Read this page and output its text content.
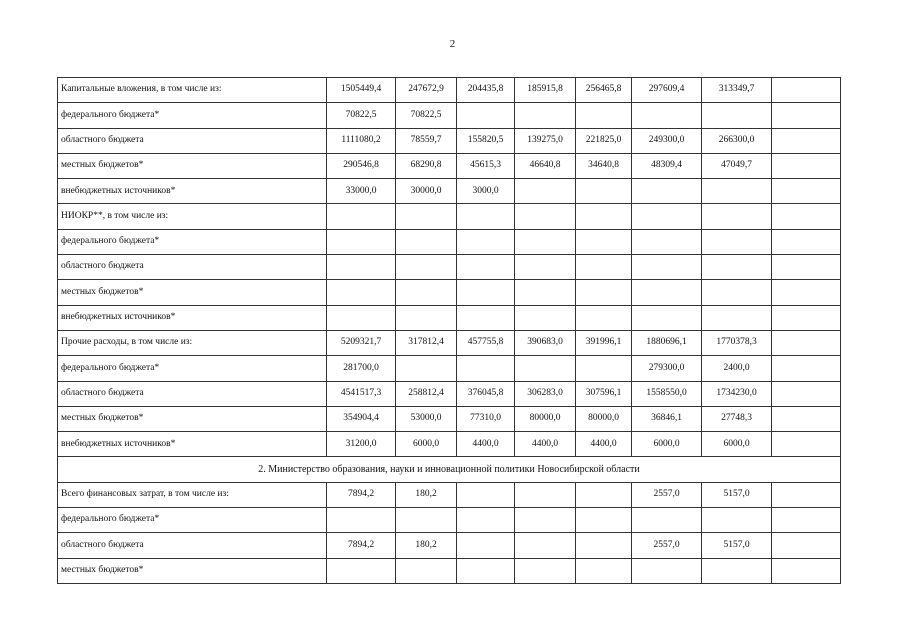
2
Капитальные вложения, в том числе из:	1505449,4	247672,9	204435,8	185915,8	256465,8	297609,4	313349,7	
федерального бюджета*	70822,5	70822,5						
областного бюджета	1111080,2	78559,7	155820,5	139275,0	221825,0	249300,0	266300,0	
местных бюджетов*	290546,8	68290,8	45615,3	46640,8	34640,8	48309,4	47049,7	
внебюджетных источников*	33000,0	30000,0	3000,0					
НИОКР**, в том числе из:								
федерального бюджета*								
областного бюджета								
местных бюджетов*								
внебюджетных источников*								
Прочие расходы, в том числе из:	5209321,7	317812,4	457755,8	390683,0	391996,1	1880696,1	1770378,3	
федерального бюджета*	281700,0					279300,0	2400,0	
областного бюджета	4541517,3	258812,4	376045,8	306283,0	307596,1	1558550,0	1734230,0	
местных бюджетов*	354904,4	53000,0	77310,0	80000,0	80000,0	36846,1	27748,3	
внебюджетных источников*	31200,0	6000,0	4400,0	4400,0	4400,0	6000,0	6000,0	
2. Министерство образования, науки и инновационной политики Новосибирской области								
Всего финансовых затрат, в том числе из:	7894,2	180,2				2557,0	5157,0	
федерального бюджета*								
областного бюджета	7894,2	180,2				2557,0	5157,0	
местных бюджетов*								
